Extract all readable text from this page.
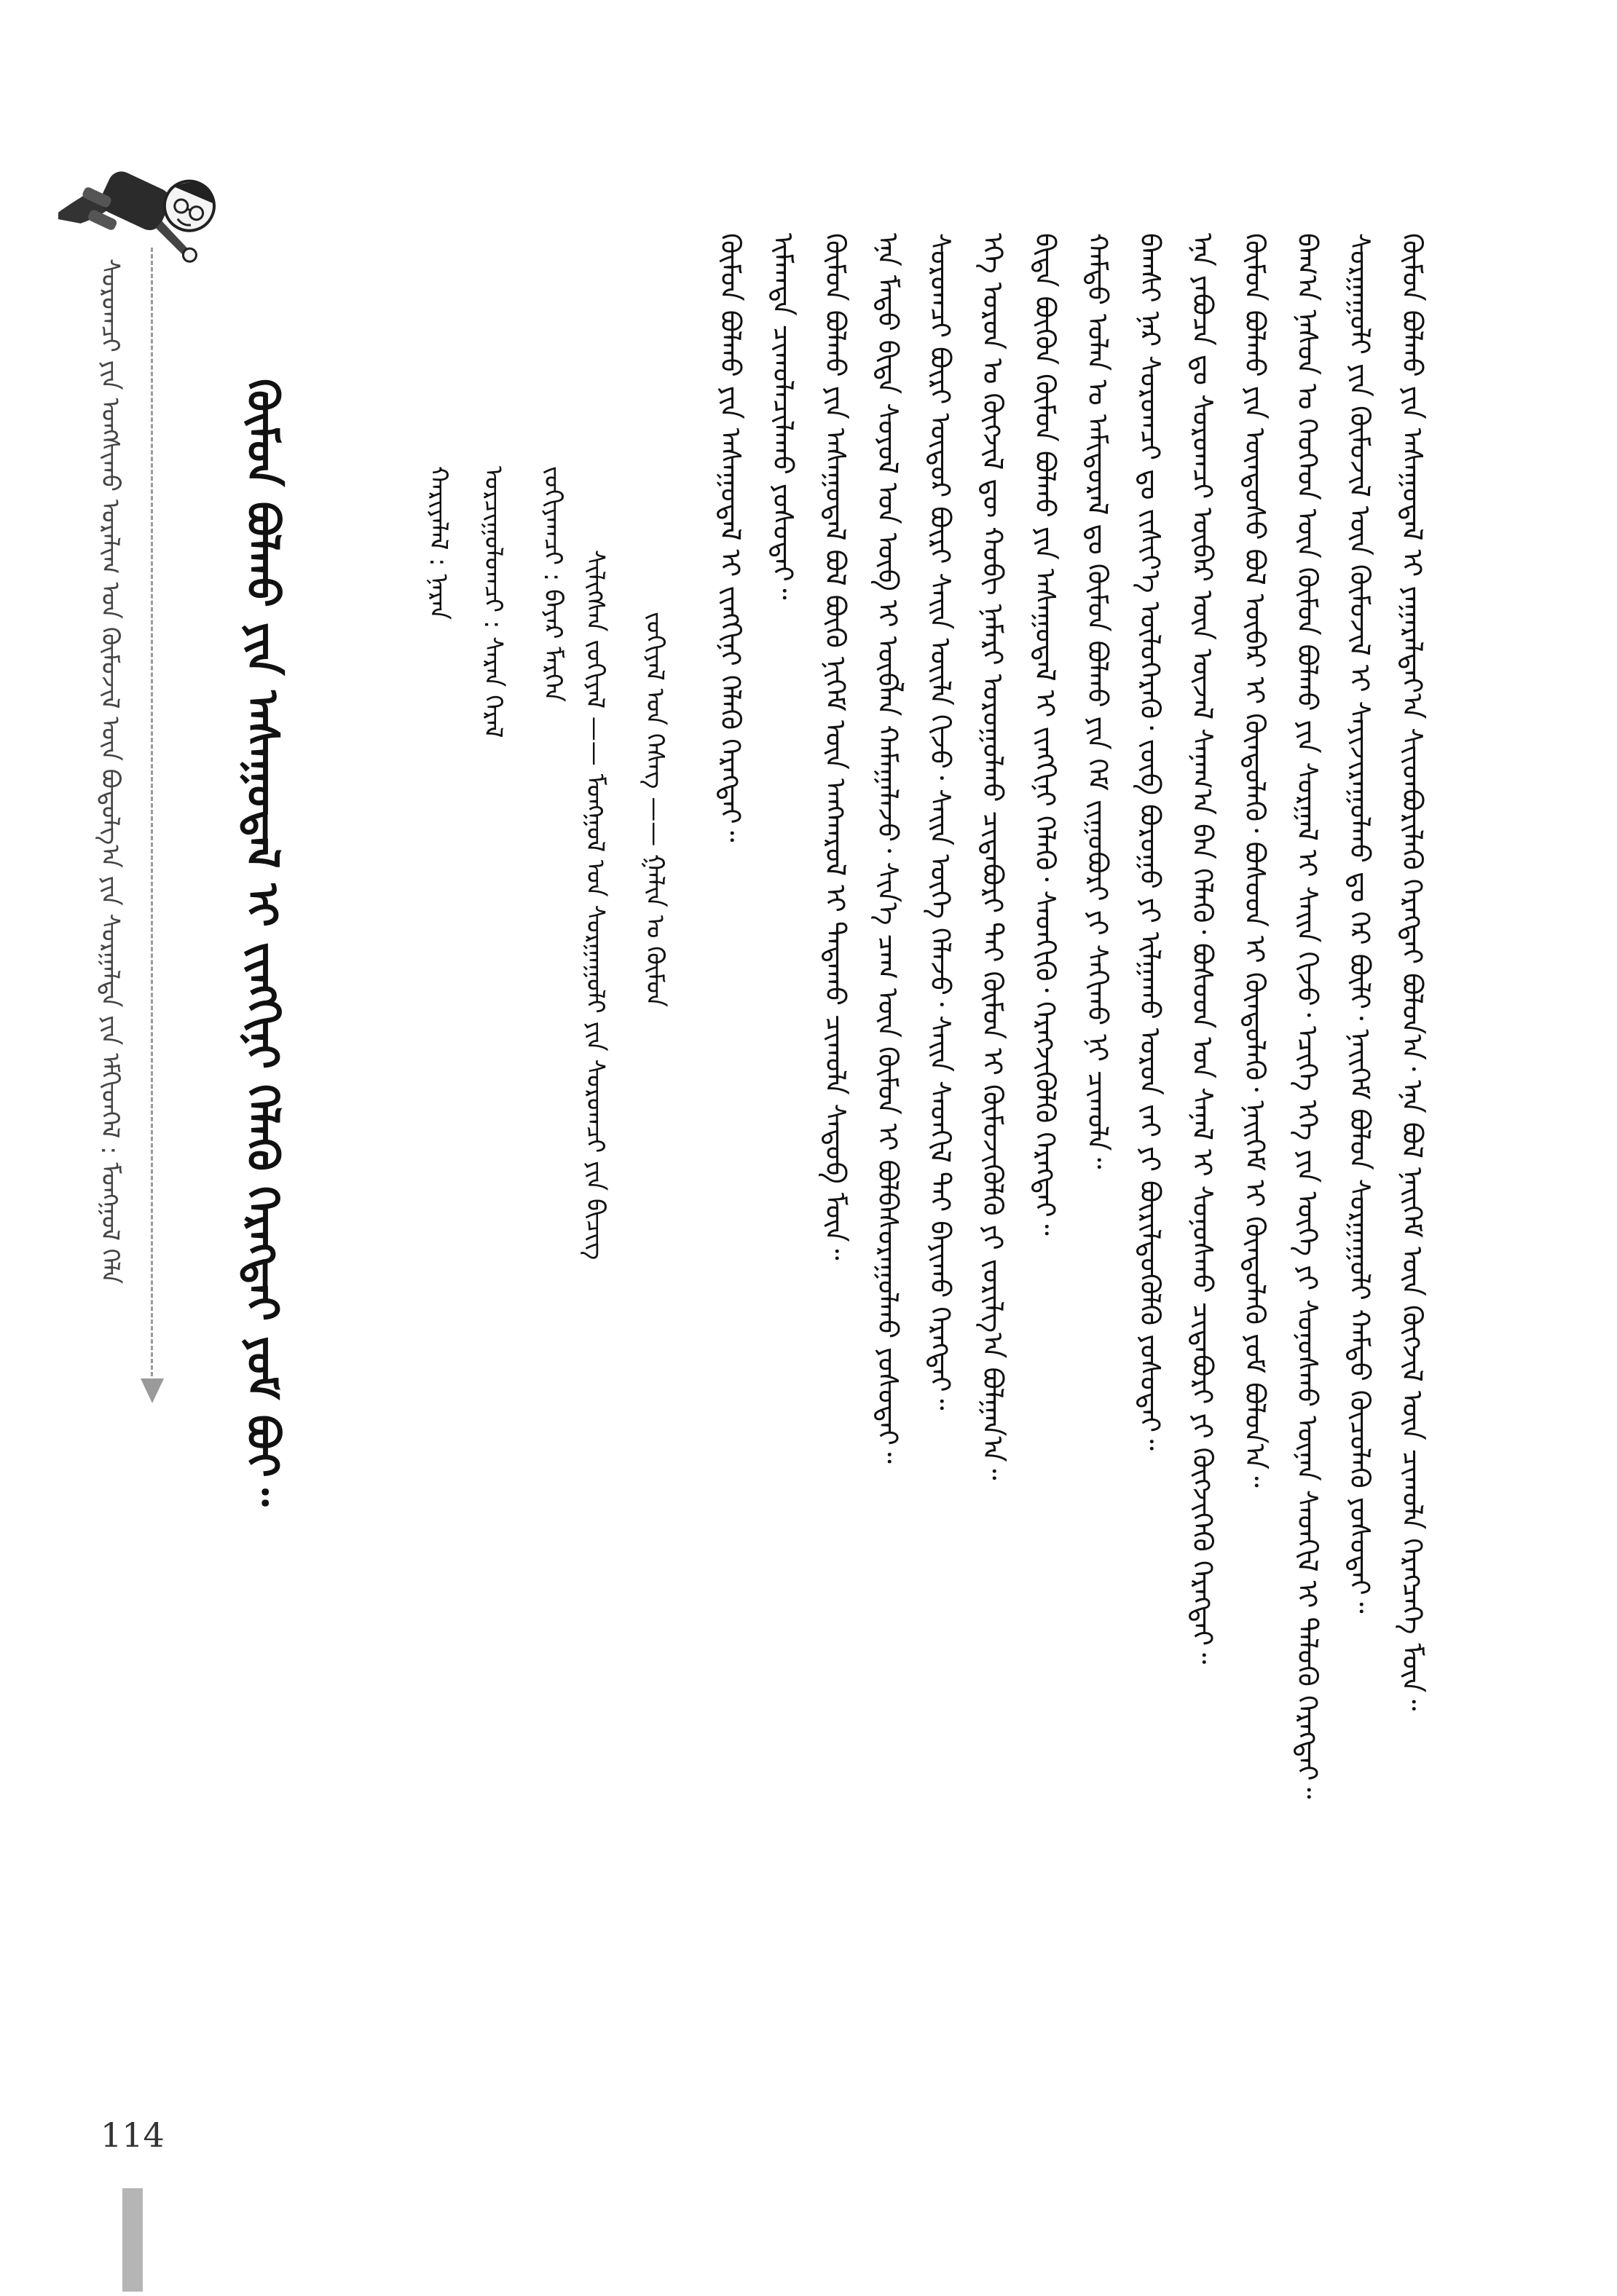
ᠰᠤᠷᠤᠭᠴᠢ ᠶᠢᠨ ᠤᠩᠰᠢᠬᠤ ᠤᠷᠠᠯᠢᠭ ᠤᠨ ᠬᠦᠮᠦᠵᠢᠯ ᠦᠨ ᠪᠣᠳᠣᠯᠭ᠎ᠠ ᠶᠢᠨ ᠰᠤᠷᠭᠠᠯᠲᠠ ᠶᠢᠨ ᠡᠮᠬᠢᠳᠬᠡᠯ : ᠮᠣᠩᠭᠣᠯ ᠬᠡᠯᠡ	ᠬᠦᠮᠦᠨ ᠪᠣᠯᠬᠤ ᠶᠢᠨ ᠠᠰᠠᠭᠤᠳᠠᠯ ᠢ ᠵᠢᠩᠬᠢᠨᠢ ᠬᠡᠯᠡᠬᠦ ᠬᠡᠷᠡᠭᠲᠡᠢ ᠶᠤᠮ ᠪᠤᠢ᠃	ᠵᠣᠬᠢᠶᠠᠯ ᠤᠨ ᠬᠡᠰᠡᠭ —— ᠭᠠᠯᠢᠨ ᠤ ᠬᠦᠮᠦᠨ
ᠰᠢᠯᠢᠭᠰᠡᠨ ᠵᠣᠬᠢᠶᠠᠯ —— ᠮᠣᠩᠭᠣᠯ ᠤᠨ ᠰᠤᠷᠭᠠᠭᠤᠯᠢ ᠶᠢᠨ ᠰᠤᠷᠤᠭᠴᠢ ᠶᠢᠨ ᠪᠢᠴᠢᠭ
ᠵᠣᠬᠢᠶᠠᠭᠴᠢ : ᠪᠠᠶᠠᠷ ᠮᠡᠷᠭᠡᠨ
ᠣᠷᠴᠢᠭᠤᠯᠤᠭᠴᠢ : ᠰᠠᠷᠠᠨ ᠭᠡᠷᠡᠯ
ᠬᠠᠷᠢᠶᠠᠯᠠᠯ : ᠨᠠᠷᠠᠨ	ᠬᠦᠮᠦᠨ ᠪᠣᠯᠬᠤ ᠶᠢᠨ ᠠᠰᠠᠭᠤᠳᠠᠯ ᠢ ᠶᠠᠭᠠᠷᠠᠯᠲᠠᠶ᠎ᠠ ᠰᠢᠢᠳᠪᠦᠷᠢᠯᠡᠬᠦ ᠬᠡᠷᠡᠭᠲᠡᠢ ᠪᠣᠯᠤᠨ᠎ᠠ᠂ ᠡᠨᠡ ᠪᠣᠯ ᠨᠡᠢᠭᠡᠮ ᠦᠨ ᠬᠥᠭᠵᠢᠯ ᠦᠨ ᠴᠢᠬᠤᠯᠠ ᠬᠡᠷᠡᠭᠴᠡᠭᠡ ᠮᠥᠨ᠃
ᠰᠤᠷᠭᠠᠭᠤᠯᠢ ᠶᠢᠨ ᠬᠦᠮᠦᠵᠢᠯ ᠦᠨ ᠬᠥᠮᠦᠵᠢᠯ ᠢ ᠰᠠᠶᠢᠵᠢᠷᠠᠭᠤᠯᠬᠤ ᠳᠤ ᠭᠡᠷ ᠪᠦᠯᠢ᠂ ᠨᠡᠢᠭᠡᠮ ᠪᠣᠯᠤᠨ ᠰᠤᠷᠭᠠᠭᠤᠯᠢ ᠬᠠᠮᠲᠤ ᠬᠦᠴᠦᠯᠡᠬᠦ ᠶᠣᠰᠤᠲᠠᠢ᠃
ᠪᠠᠭ᠎ᠠ ᠨᠠᠰᠤᠨ ᠤ ᠬᠡᠦᠬᠡᠳ ᠦᠨ ᠬᠦᠮᠦᠨ ᠪᠣᠯᠬᠤ ᠶᠢᠨ ᠰᠤᠷᠭᠠᠯ ᠢ ᠰᠠᠢᠨ ᠬᠢᠵᠦ᠂ ᠡᠴᠢᠭᠡ ᠡᠬᠡ ᠶᠢᠨ ᠦᠭᠡ ᠶᠢ ᠰᠣᠨᠤᠰᠬᠤ ᠦᠨᠡᠨ ᠰᠡᠳᠬᠢᠯ ᠢ ᠲᠡᠯᠦᠬᠦ ᠬᠡᠷᠡᠭᠲᠡᠢ᠃
ᠬᠦᠮᠦᠨ ᠪᠣᠯᠬᠤ ᠶᠢᠨ ᠦᠨᠳᠦᠰᠦ ᠪᠣᠯ ᠥᠪᠡᠷ ᠢ ᠬᠦᠨᠳᠦᠯᠡᠬᠦ᠂ ᠪᠤᠰᠤᠳ ᠢ ᠬᠦᠨᠳᠦᠯᠡᠬᠦ᠂ ᠨᠡᠢᠭᠡᠮ ᠢ ᠬᠦᠨᠳᠦᠯᠡᠬᠦ ᠶᠤᠮ ᠪᠣᠯᠤᠨ᠎ᠠ᠃
ᠡᠨᠡ ᠶᠠᠪᠤᠴᠠ ᠳᠤ ᠰᠤᠷᠤᠭᠴᠢ ᠥᠪᠡᠷ ᠦᠨ ᠦᠵᠡᠯ ᠰᠠᠨᠠᠭ᠎ᠠ ᠪᠡᠨ ᠬᠡᠯᠡᠬᠦ᠂ ᠪᠤᠰᠤᠳ ᠤᠨ ᠰᠠᠨᠠᠯ ᠢ ᠰᠣᠨᠤᠰᠬᠤ ᠴᠢᠳᠠᠪᠤᠷᠢ ᠶᠢ ᠬᠥᠭᠵᠢᠭᠡᠬᠦ ᠬᠡᠷᠡᠭᠲᠡᠢ᠃
ᠪᠠᠭᠰᠢ ᠨᠠᠷ ᠰᠤᠷᠤᠭᠴᠢ ᠳᠤ ᠵᠢᠱᠢᠶ᠎ᠡ ᠦᠯᠦᠭᠡᠷᠡᠬᠦ᠂ ᠵᠥᠪ ᠪᠤᠷᠤᠭᠤ ᠶᠢ ᠢᠯᠭᠠᠬᠤ ᠤᠷᠤᠨ ᠵᠠᠢ ᠶᠢ ᠪᠦᠷᠢᠯᠳᠦᠭᠦᠯᠬᠦ ᠶᠣᠰᠤᠲᠠᠢ᠃
ᠬᠠᠮᠲᠤ ᠣᠯᠠᠨ ᠤ ᠠᠮᠢᠳᠤᠷᠠᠯ ᠳᠤ ᠬᠦᠮᠦᠨ ᠪᠣᠯᠬᠤ ᠶᠢᠨ ᠬᠡᠮ ᠵᠢᠭᠤᠪᠤᠷᠢ ᠶᠢ ᠰᠠᠬᠢᠬᠤ ᠨᠢ ᠴᠢᠬᠤᠯᠠ᠃
ᠪᠢᠳᠡ ᠪᠦᠬᠦᠨ ᠬᠦᠮᠦᠨ ᠪᠣᠯᠬᠤ ᠶᠢᠨ ᠠᠰᠠᠭᠤᠳᠠᠯ ᠢ ᠵᠢᠩᠬᠢᠨᠢ ᠬᠡᠯᠡᠬᠦ᠂ ᠰᠡᠳᠬᠢᠬᠦ᠂ ᠬᠡᠷᠡᠭᠵᠢᠭᠦᠯᠬᠦ ᠬᠡᠷᠡᠭᠲᠡᠢ᠃
ᠡᠬᠡ ᠣᠷᠣᠨ ᠤ ᠬᠥᠭᠵᠢᠯ ᠳᠦ ᠬᠤᠪᠢ ᠨᠡᠮᠡᠷᠢ ᠣᠷᠣᠭᠤᠯᠬᠤ ᠴᠢᠳᠠᠪᠤᠷᠢ ᠲᠠᠢ ᠬᠦᠮᠦᠨ ᠢ ᠬᠥᠮᠦᠵᠢᠭᠦᠯᠬᠦ ᠶᠢ ᠵᠣᠷᠢᠯᠭ᠎ᠠ ᠪᠣᠯᠭᠠᠨ᠎ᠠ᠃
ᠰᠤᠷᠤᠭᠴᠢ ᠪᠦᠷᠢ ᠥᠳᠥᠷ ᠪᠦᠷᠢ ᠰᠠᠢᠨ ᠦᠢᠯᠡ ᠬᠢᠵᠦ᠂ ᠰᠠᠢᠨ ᠦᠭᠡ ᠬᠡᠯᠡᠵᠦ᠂ ᠰᠠᠢᠨ ᠰᠡᠳᠬᠢᠯ ᠲᠡᠶ ᠪᠠᠶᠢᠬᠤ ᠬᠡᠷᠡᠭᠲᠡᠢ᠃
ᠡᠨᠡ ᠮᠡᠲᠦ ᠪᠢᠳᠡ ᠰᠣᠶᠣᠯ ᠤᠨ ᠥᠪ ᠢ ᠥᠪᠯᠡᠨ ᠬᠠᠮᠠᠭᠠᠯᠠᠵᠤ᠂ ᠰᠢᠨ᠎ᠡ ᠴᠠᠭ ᠦᠨ ᠬᠦᠮᠦᠨ ᠢ ᠪᠣᠯᠪᠠᠰᠤᠷᠠᠭᠤᠯᠬᠤ ᠶᠣᠰᠤᠲᠠᠢ᠃
ᠬᠦᠮᠦᠨ ᠪᠣᠯᠬᠤ ᠶᠢᠨ ᠠᠰᠠᠭᠤᠳᠠᠯ ᠪᠣᠯ ᠪᠦᠬᠦ ᠨᠢᠭᠡᠮ ᠦᠨ ᠠᠩᠬᠠᠷᠤᠯ ᠢ ᠲᠠᠲᠠᠬᠤ ᠴᠢᠬᠤᠯᠠ ᠰᠡᠳᠦᠪ ᠮᠥᠨ᠃
ᠢᠮᠠᠭᠲᠠ ᠴᠢᠬᠤᠯᠠᠴᠢᠯᠠᠬᠤ ᠶᠣᠰᠤᠲᠠᠢ᠃
ᠬᠦᠮᠦᠨ ᠪᠣᠯᠬᠤ ᠶᠢᠨ ᠠᠰᠠᠭᠤᠳᠠᠯ ᠢ ᠵᠢᠩᠬᠢᠨᠢ ᠬᠡᠯᠡᠬᠦ ᠬᠡᠷᠡᠭᠲᠡᠢ᠃
114
